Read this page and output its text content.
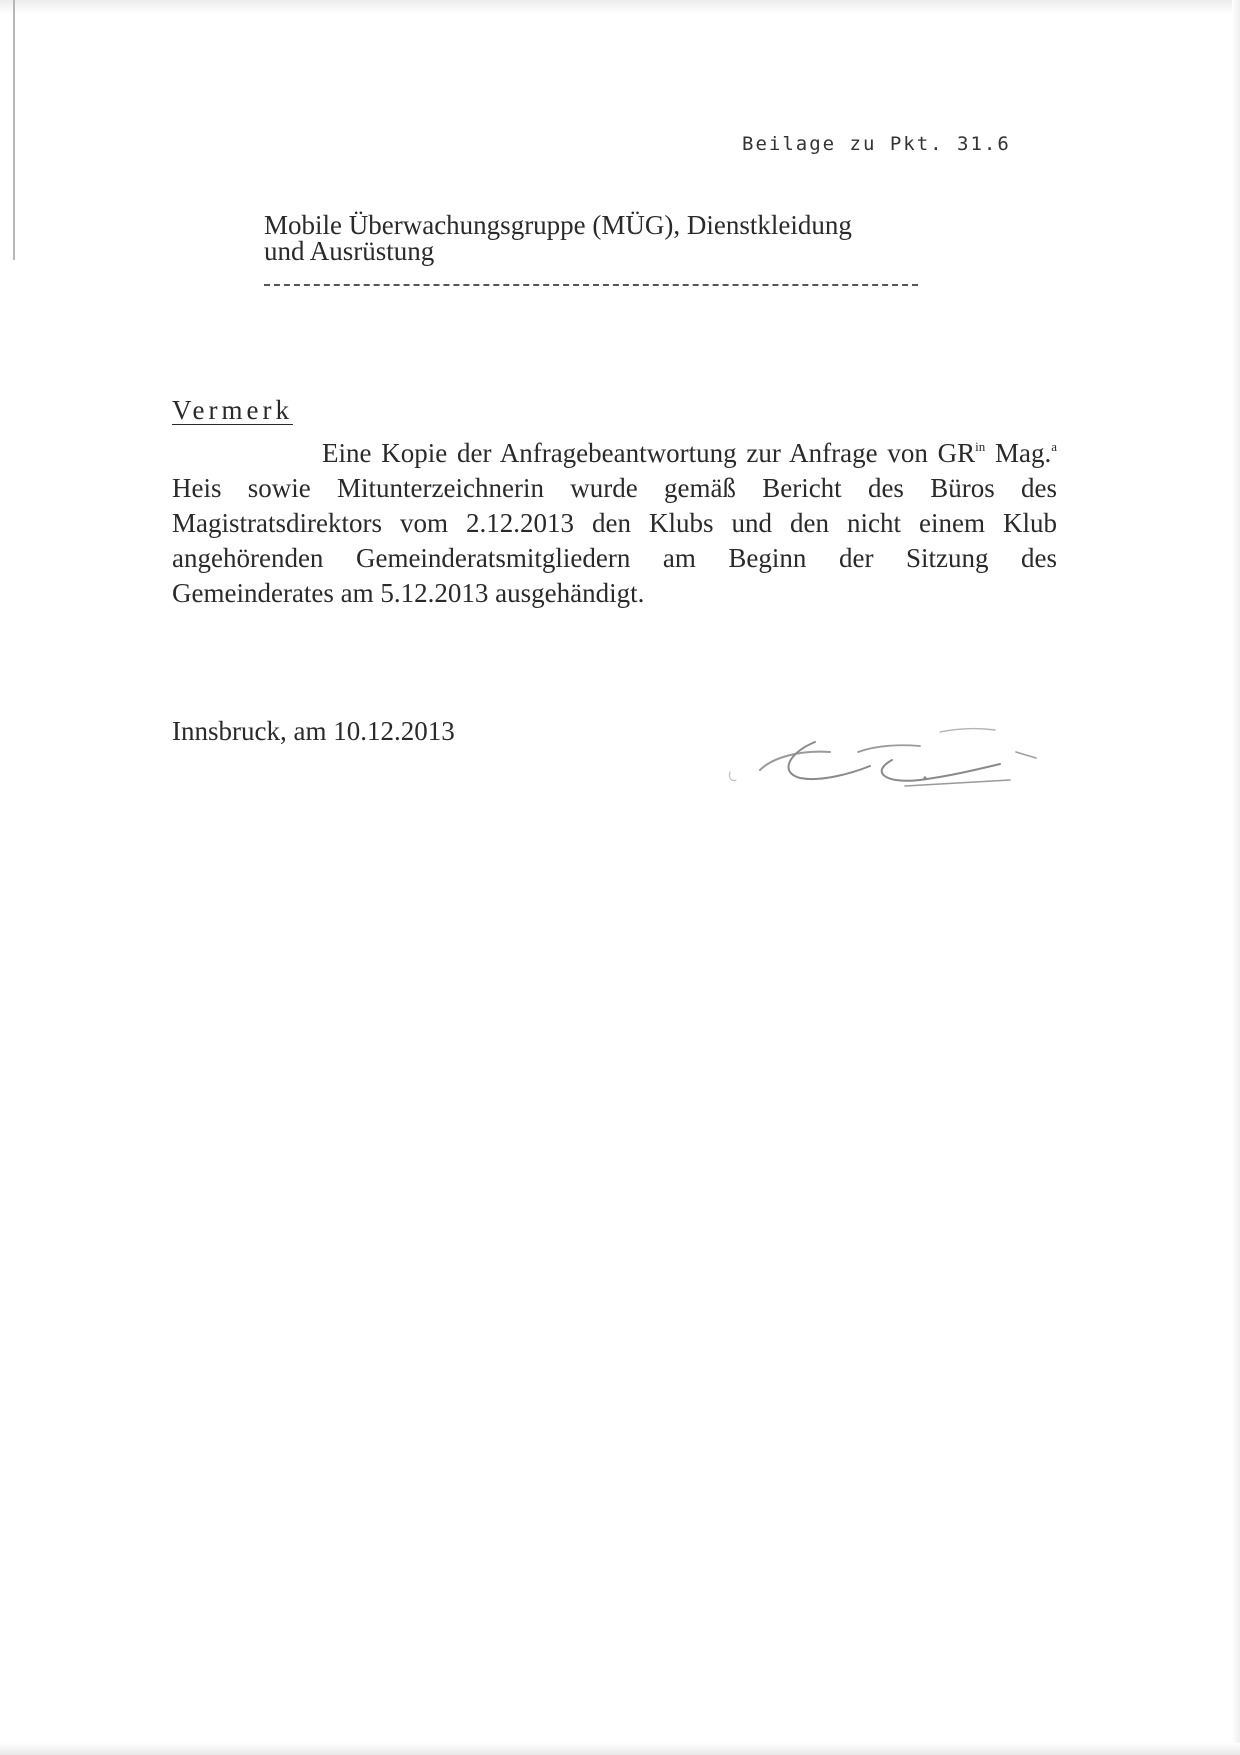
Beilage zu Pkt. 31.6
Mobile Überwachungsgruppe (MÜG), Dienstkleidung
und Ausrüstung
Vermerk
Eine Kopie der Anfragebeantwortung zur Anfrage von $GR^{in}$ Mag.$^a$ Heis sowie Mitunterzeichnerin wurde gemäß Bericht des Büros des Magistratsdirektors vom 2.12.2013 den Klubs und den nicht einem Klub angehörenden Gemeinderatsmitgliedern am Beginn der Sitzung des Gemeinderates am 5.12.2013 ausgehändigt.
Innsbruck, am 10.12.2013
